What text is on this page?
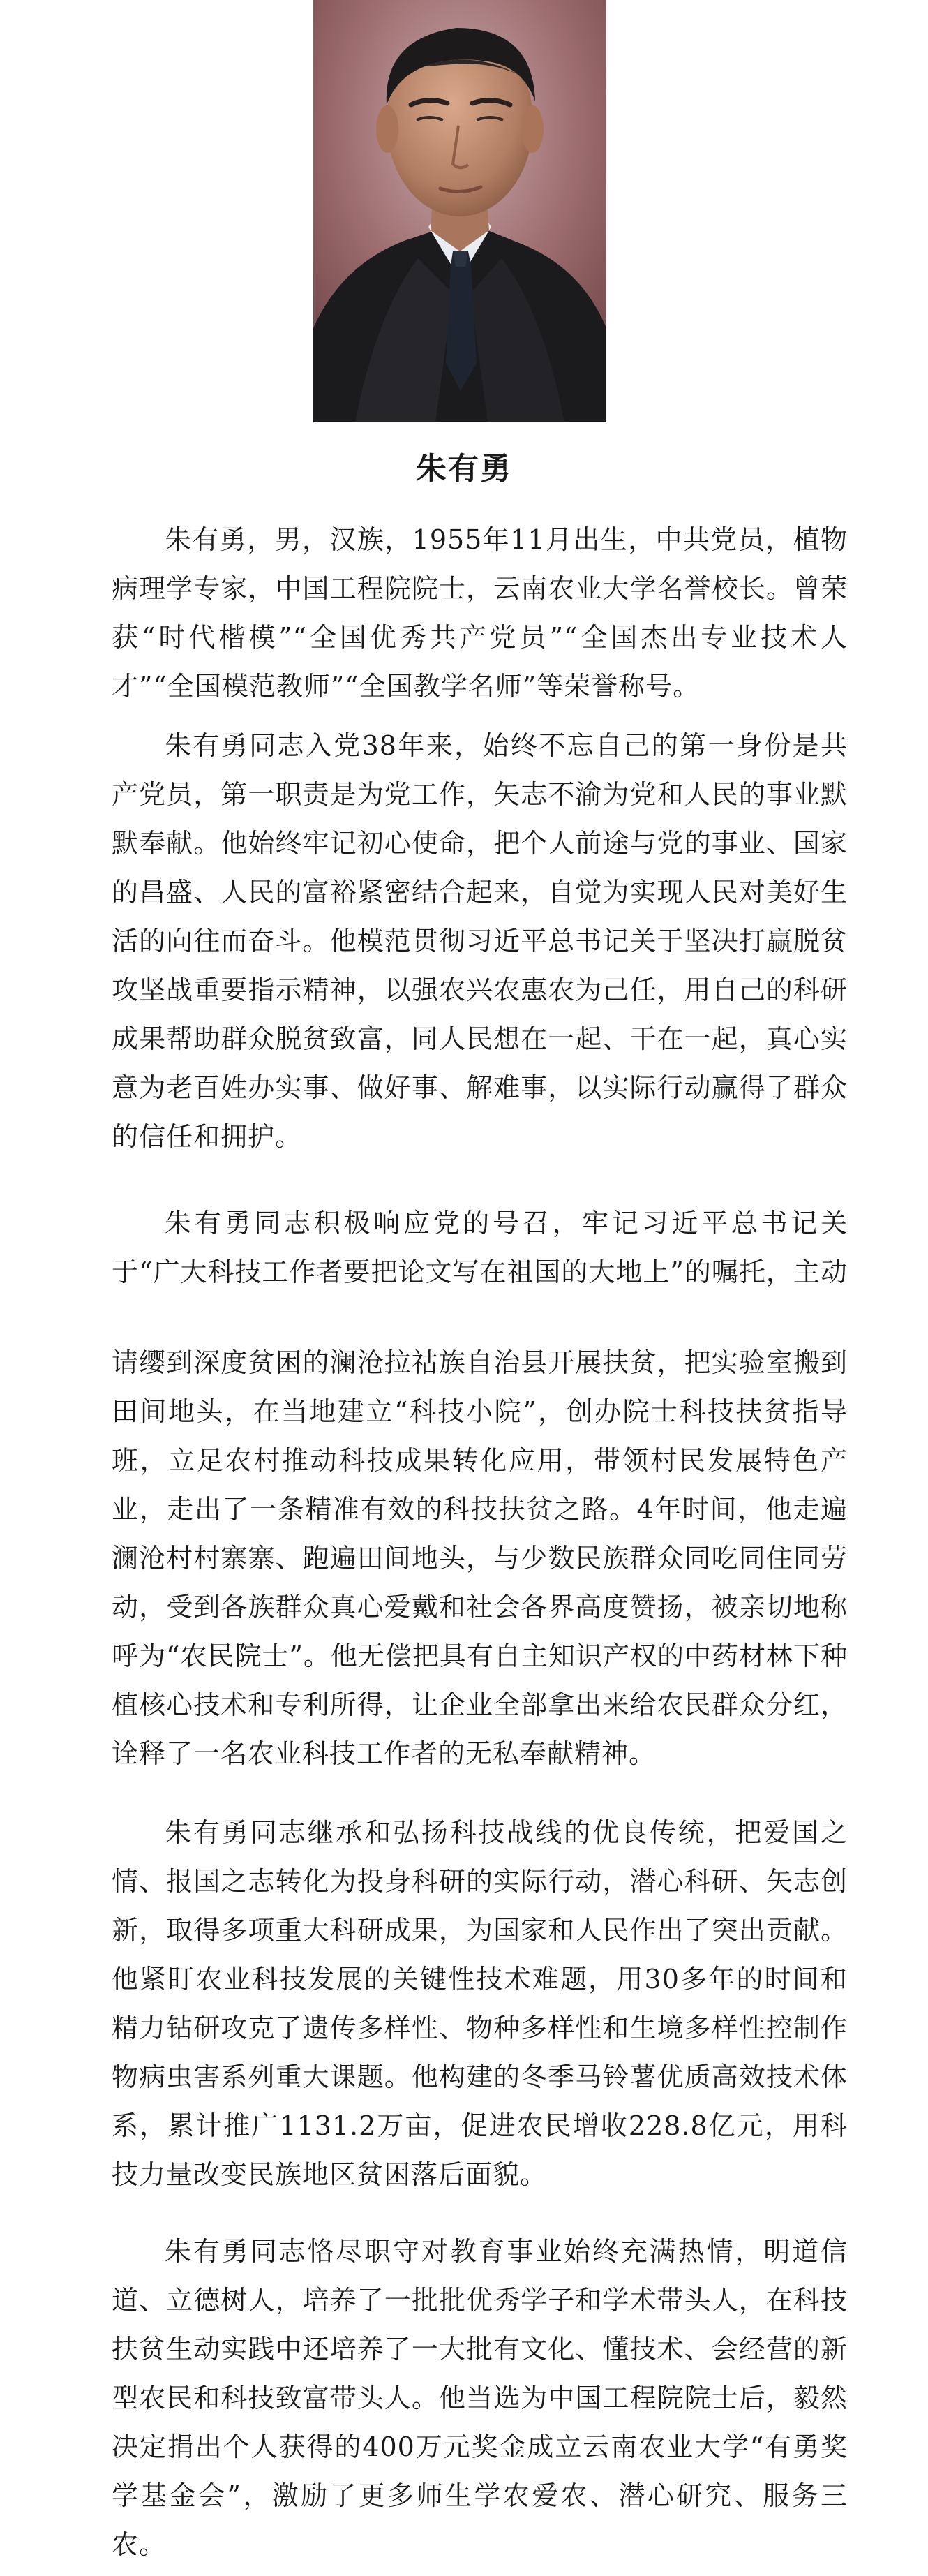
朱有勇

朱有勇，男，汉族，1955年11月出生，中共党员，植物病理学专家，中国工程院院士，云南农业大学名誉校长。曾荣获“时代楷模”“全国优秀共产党员”“全国杰出专业技术人才”“全国模范教师”“全国教学名师”等荣誉称号。

朱有勇同志入党38年来，始终不忘自己的第一身份是共产党员，第一职责是为党工作，矢志不渝为党和人民的事业默默奉献。他始终牢记初心使命，把个人前途与党的事业、国家的昌盛、人民的富裕紧密结合起来，自觉为实现人民对美好生活的向往而奋斗。他模范贯彻习近平总书记关于坚决打赢脱贫攻坚战重要指示精神，以强农兴农惠农为己任，用自己的科研成果帮助群众脱贫致富，同人民想在一起、干在一起，真心实意为老百姓办实事、做好事、解难事，以实际行动赢得了群众的信任和拥护。

朱有勇同志积极响应党的号召，牢记习近平总书记关于“广大科技工作者要把论文写在祖国的大地上”的嘱托，主动

请缨到深度贫困的澜沧拉祜族自治县开展扶贫，把实验室搬到田间地头，在当地建立“科技小院”，创办院士科技扶贫指导班，立足农村推动科技成果转化应用，带领村民发展特色产业，走出了一条精准有效的科技扶贫之路。4年时间，他走遍澜沧村村寨寨、跑遍田间地头，与少数民族群众同吃同住同劳动，受到各族群众真心爱戴和社会各界高度赞扬，被亲切地称呼为“农民院士”。他无偿把具有自主知识产权的中药材林下种植核心技术和专利所得，让企业全部拿出来给农民群众分红，诠释了一名农业科技工作者的无私奉献精神。

朱有勇同志继承和弘扬科技战线的优良传统，把爱国之情、报国之志转化为投身科研的实际行动，潜心科研、矢志创新，取得多项重大科研成果，为国家和人民作出了突出贡献。他紧盯农业科技发展的关键性技术难题，用30多年的时间和精力钻研攻克了遗传多样性、物种多样性和生境多样性控制作物病虫害系列重大课题。他构建的冬季马铃薯优质高效技术体系，累计推广1131.2万亩，促进农民增收228.8亿元，用科技力量改变民族地区贫困落后面貌。

朱有勇同志恪尽职守对教育事业始终充满热情，明道信道、立德树人，培养了一批批优秀学子和学术带头人，在科技扶贫生动实践中还培养了一大批有文化、懂技术、会经营的新型农民和科技致富带头人。他当选为中国工程院院士后，毅然决定捐出个人获得的400万元奖金成立云南农业大学“有勇奖学基金会”，激励了更多师生学农爱农、潜心研究、服务三农。
